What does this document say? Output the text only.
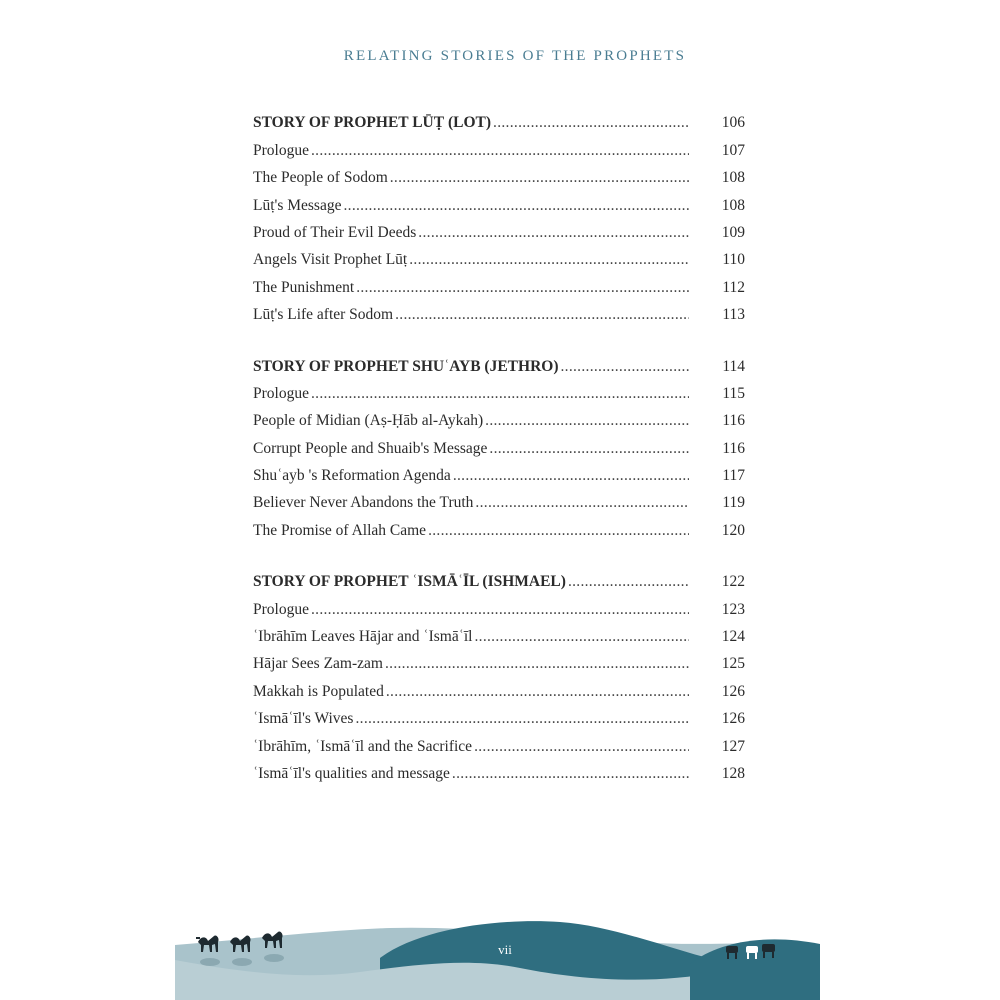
RELATING STORIES OF THE PROPHETS
STORY OF PROPHET LŪṬ (LOT) .....	106
Prologue .....	107
The People of Sodom .....	108
Lūṭ's Message .....	108
Proud of Their Evil Deeds .....	109
Angels Visit Prophet Lūṭ .....	110
The Punishment .....	112
Lūṭ's Life after Sodom .....	113
STORY OF PROPHET SHUʿAYB (JETHRO) .....	114
Prologue .....	115
People of Midian (Aṣ-Ḥāb al-Aykah) .....	116
Corrupt People and Shuaib's Message .....	116
Shuʿayb 's Reformation Agenda .....	117
Believer Never Abandons the Truth .....	119
The Promise of Allah Came .....	120
STORY OF PROPHET ʿISMĀʿĪL (ISHMAEL) .....	122
Prologue .....	123
ʿIbrāhīm Leaves Hājar and ʿIsmāʿīl .....	124
Hājar Sees Zam-zam .....	125
Makkah is Populated .....	126
ʿIsmāʿīl's Wives .....	126
ʿIbrāhīm, ʿIsmāʿīl and the Sacrifice .....	127
ʿIsmāʿīl's qualities and message .....	128
vii
